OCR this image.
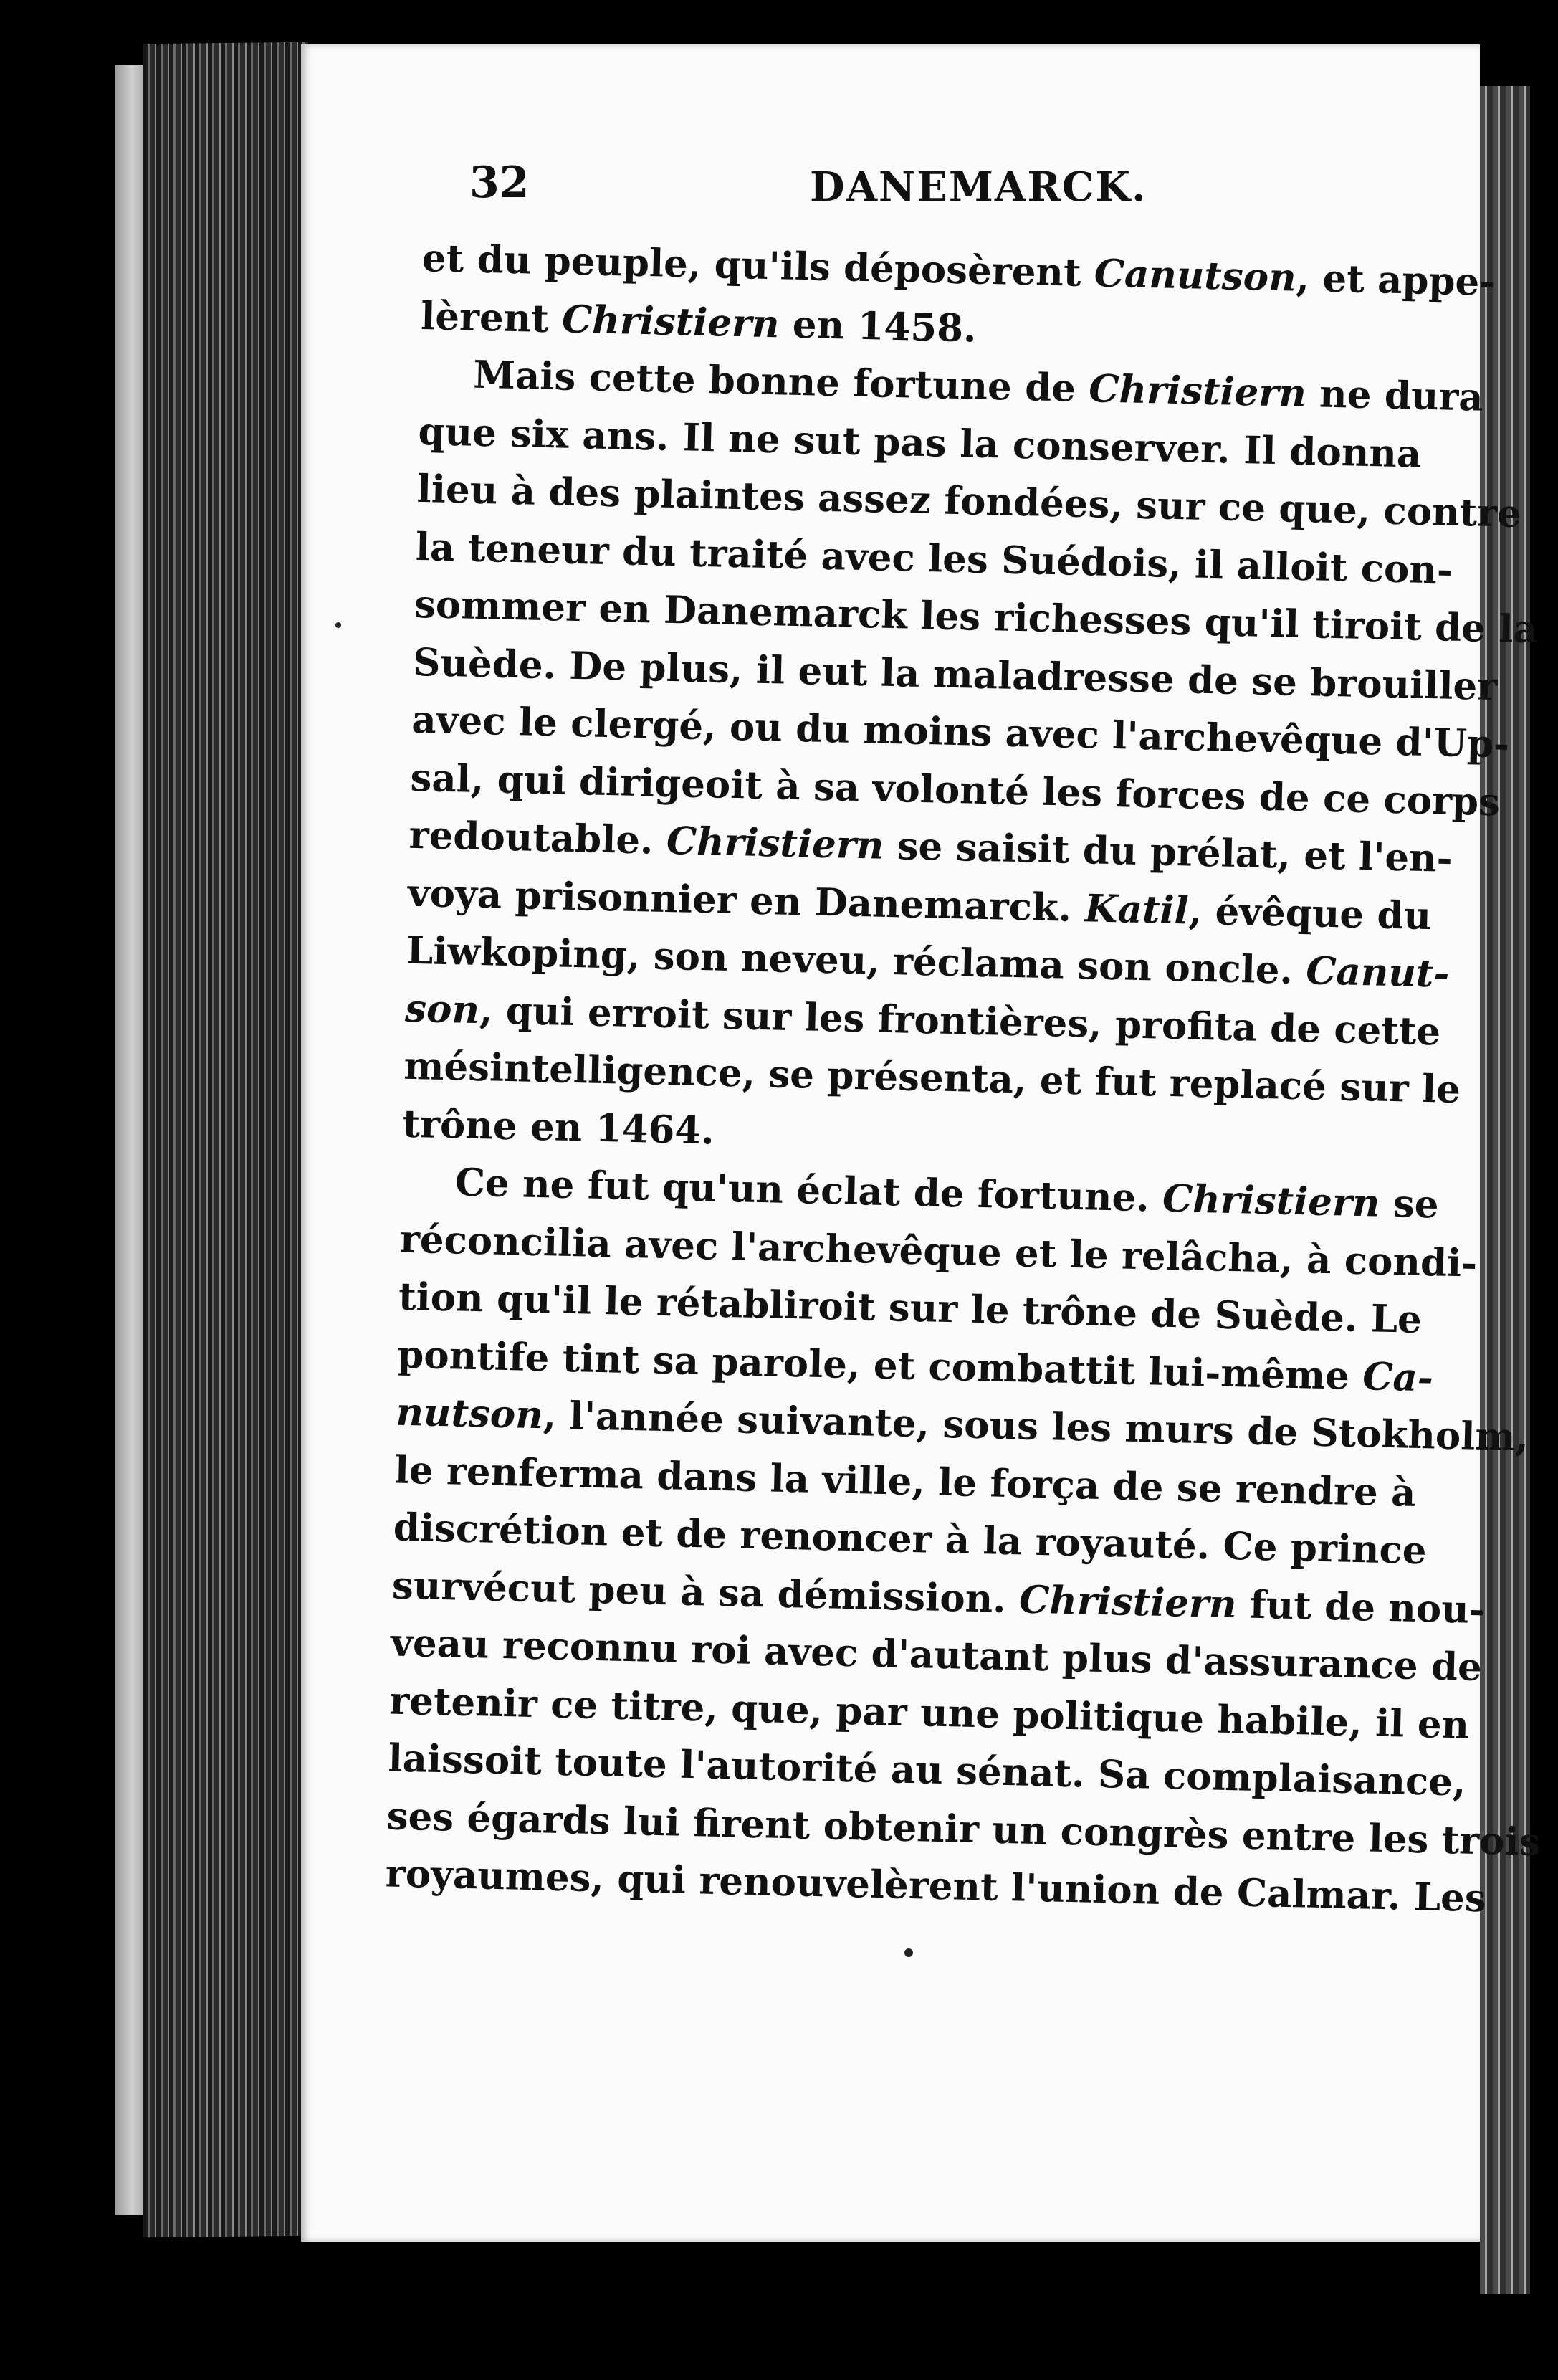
32	DANEMARCK.
et du peuple, qu'ils déposèrent Canutson, et appe-
lèrent Christiern en 1458.
Mais cette bonne fortune de Christiern ne dura
que six ans. Il ne sut pas la conserver. Il donna
lieu à des plaintes assez fondées, sur ce que, contre
la teneur du traité avec les Suédois, il alloit con-
sommer en Danemarck les richesses qu'il tiroit de la
Suède. De plus, il eut la maladresse de se brouiller
avec le clergé, ou du moins avec l'archevêque d'Up-
sal, qui dirigeoit à sa volonté les forces de ce corps
redoutable. Christiern se saisit du prélat, et l'en-
voya prisonnier en Danemarck. Katil, évêque du
Liwkoping, son neveu, réclama son oncle. Canut-
son, qui erroit sur les frontières, profita de cette
mésintelligence, se présenta, et fut replacé sur le
trône en 1464.
Ce ne fut qu'un éclat de fortune. Christiern se
réconcilia avec l'archevêque et le relâcha, à condi-
tion qu'il le rétabliroit sur le trône de Suède. Le
pontife tint sa parole, et combattit lui-même Ca-
nutson, l'année suivante, sous les murs de Stokholm,
le renferma dans la ville, le força de se rendre à
discrétion et de renoncer à la royauté. Ce prince
survécut peu à sa démission. Christiern fut de nou-
veau reconnu roi avec d'autant plus d'assurance de
retenir ce titre, que, par une politique habile, il en
laissoit toute l'autorité au sénat. Sa complaisance,
ses égards lui firent obtenir un congrès entre les trois
royaumes, qui renouvelèrent l'union de Calmar. Les
